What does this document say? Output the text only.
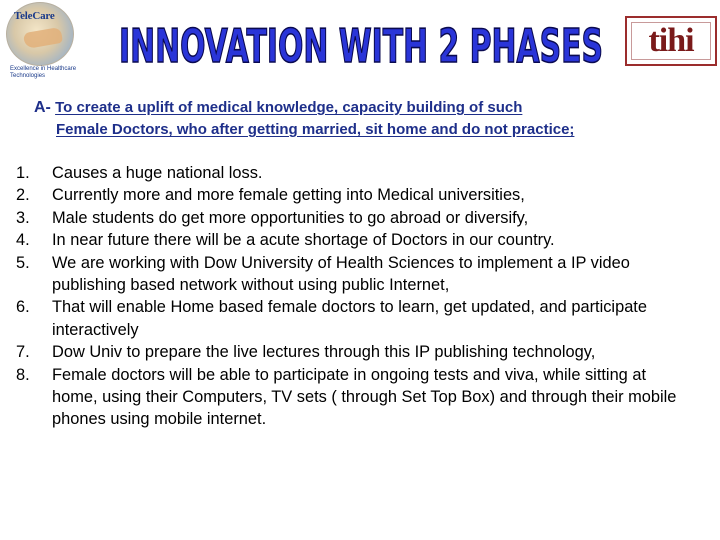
TeleCare
Excellence in Healthcare Technologies
INNOVATION WITH 2 PHASES tihi
A- To create a uplift of medical knowledge, capacity building of such
Female Doctors, who after getting married, sit home and do not practice;
1.	Causes a huge national loss.
2.	Currently more and more female getting into Medical universities,
3.	Male students do get more opportunities to go abroad or diversify,
4.	In near future there will be a acute shortage of Doctors in our country.
5.	We are working with Dow University of Health Sciences to implement a IP video publishing based network without using public Internet,
6.	That will enable Home based female doctors to learn, get updated, and participate interactively
7.	Dow Univ to prepare the live lectures through this IP publishing technology,
8.	Female doctors will be able to participate in ongoing tests and viva, while sitting at home, using their Computers, TV sets ( through Set Top Box) and through their mobile phones using mobile internet.
